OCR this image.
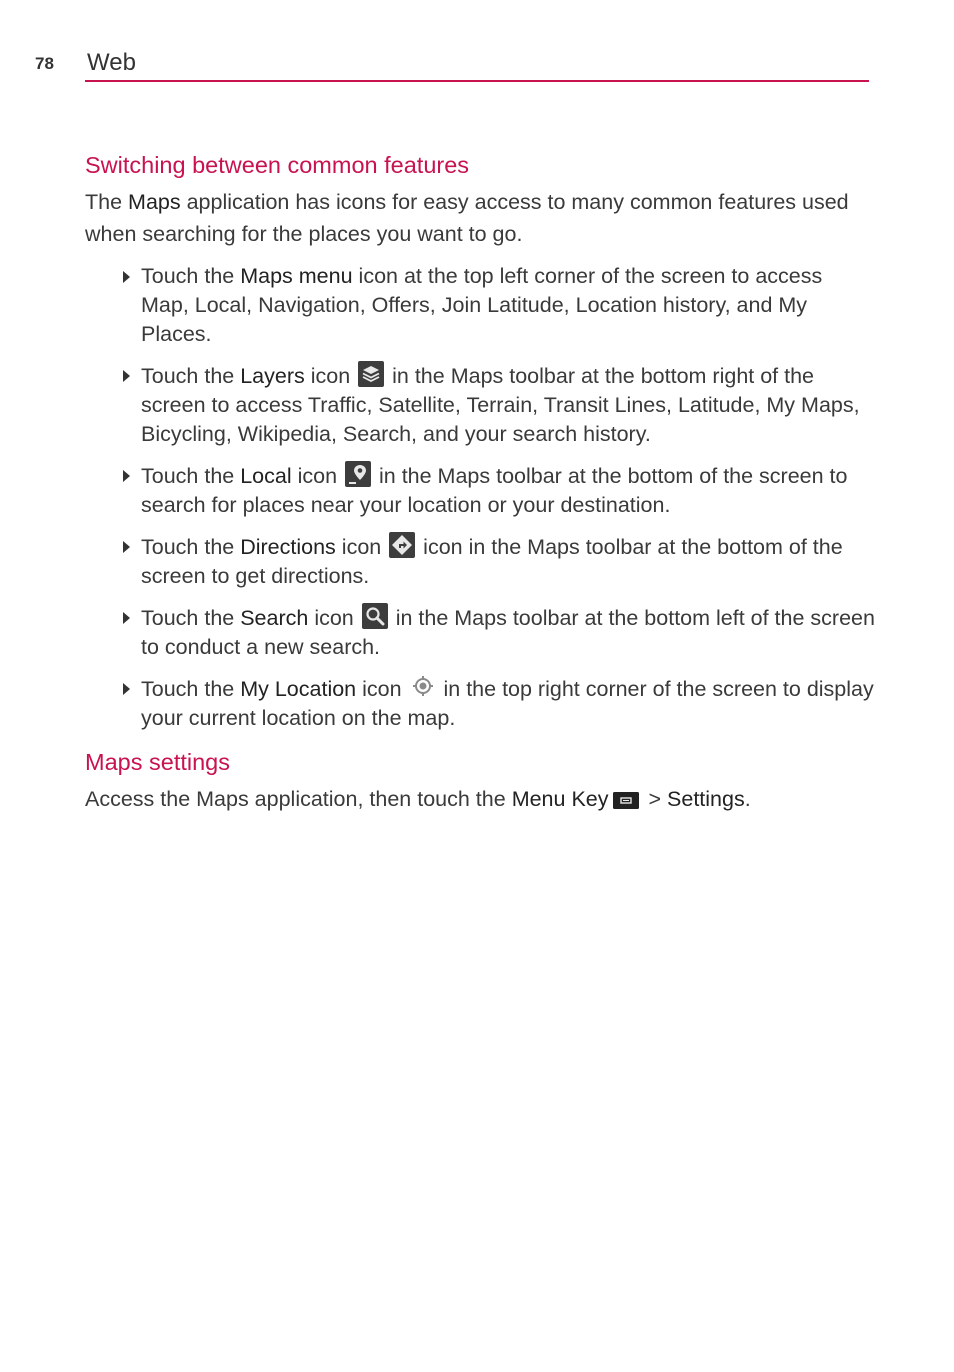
78 Web
Switching between common features

The Maps application has icons for easy access to many common features used when searching for the places you want to go.

Touch the Maps menu icon at the top left corner of the screen to access Map, Local, Navigation, Offers, Join Latitude, Location history, and My Places.
Touch the Layers icon
in the Maps toolbar at the bottom right of the screen to access Traffic, Satellite, Terrain, Transit Lines, Latitude, My Maps, Bicycling, Wikipedia, Search, and your search history.
Touch the Local icon
in the Maps toolbar at the bottom of the screen to search for places near your location or your destination.
Touch the Directions icon
icon in the Maps toolbar at the bottom of the screen to get directions.
Touch the Search icon
in the Maps toolbar at the bottom left of the screen to conduct a new search.
Touch the My Location icon
in the top right corner of the screen to display your current location on the map.
Maps settings

Access the Maps application, then touch the Menu Key
> Settings.
